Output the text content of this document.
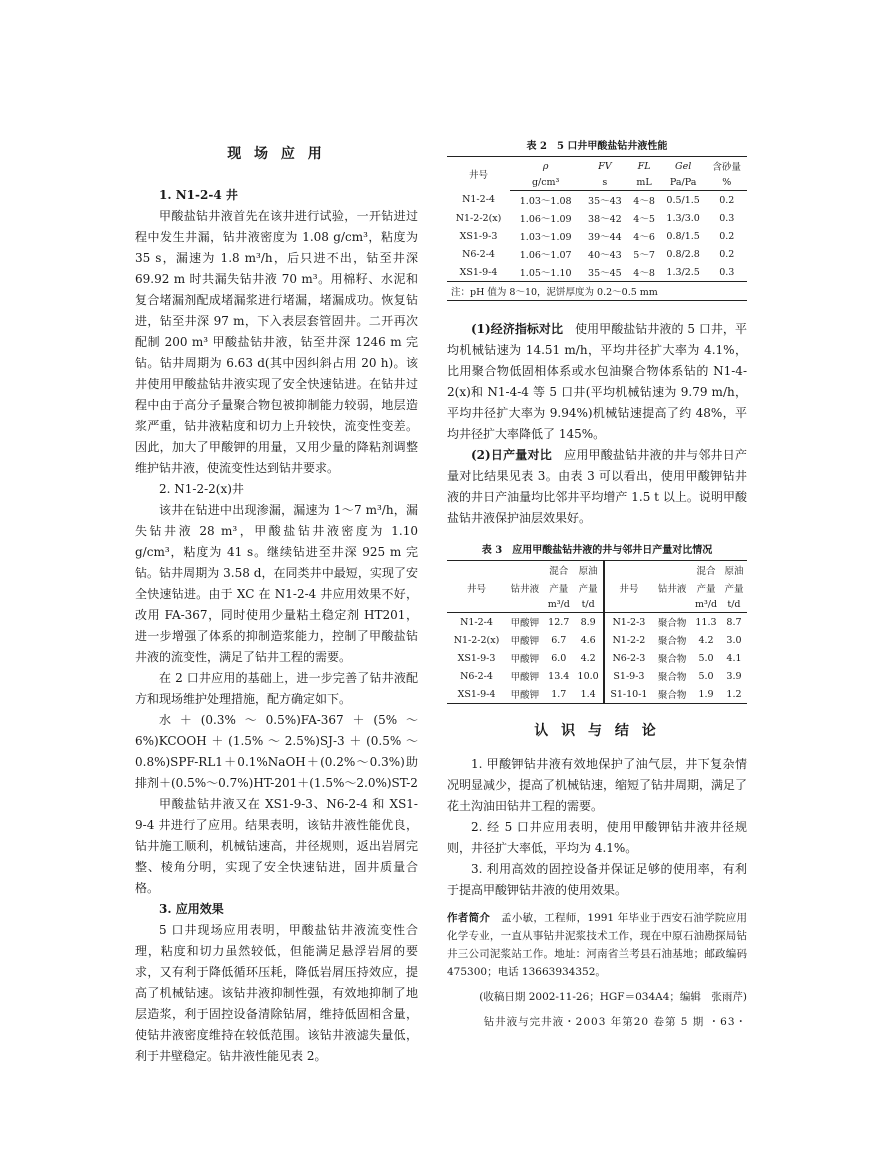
现 场 应 用

1. N1-2-4 井

甲酸盐钻井液首先在该井进行试验，一开钻进过程中发生井漏，钻井液密度为 1.08 g/cm³，粘度为 35 s，漏速为 1.8 m³/h，后只进不出，钻至井深 69.92 m 时共漏失钻井液 70 m³。用棉籽、水泥和复合堵漏剂配成堵漏浆进行堵漏，堵漏成功。恢复钻进，钻至井深 97 m，下入表层套管固井。二开再次配制 200 m³ 甲酸盐钻井液，钻至井深 1246 m 完钻。钻井周期为 6.63 d(其中因纠斜占用 20 h)。该井使用甲酸盐钻井液实现了安全快速钻进。在钻井过程中由于高分子量聚合物包被抑制能力较弱，地层造浆严重，钻井液粘度和切力上升较快，流变性变差。因此，加大了甲酸钾的用量，又用少量的降粘剂调整维护钻井液，使流变性达到钻井要求。

2. N1-2-2(x)井

该井在钻进中出现渗漏，漏速为 1～7 m³/h，漏失钻井液 28 m³，甲酸盐钻井液密度为 1.10 g/cm³，粘度为 41 s。继续钻进至井深 925 m 完钻。钻井周期为 3.58 d，在同类井中最短，实现了安全快速钻进。由于 XC 在 N1-2-4 井应用效果不好，改用 FA-367，同时使用少量粘土稳定剂 HT201，进一步增强了体系的抑制造浆能力，控制了甲酸盐钻井液的流变性，满足了钻井工程的需要。

在 2 口井应用的基础上，进一步完善了钻井液配方和现场维护处理措施，配方确定如下。

水＋(0.3%～0.5%)FA-367＋(5%～6%)KCOOH＋(1.5%～2.5%)SJ-3＋(0.5%～0.8%)SPF-RL1＋0.1%NaOH＋(0.2%～0.3%)助排剂＋(0.5%～0.7%)HT-201＋(1.5%～2.0%)ST-2

甲酸盐钻井液又在 XS1-9-3、N6-2-4 和 XS1-9-4 井进行了应用。结果表明，该钻井液性能优良，钻井施工顺利，机械钻速高，井径规则，返出岩屑完整、棱角分明，实现了安全快速钻进，固井质量合格。

3. 应用效果

5 口井现场应用表明，甲酸盐钻井液流变性合理，粘度和切力虽然较低，但能满足悬浮岩屑的要求，又有利于降低循环压耗，降低岩屑压持效应，提高了机械钻速。该钻井液抑制性强，有效地抑制了地层造浆，利于固控设备清除钻屑，维持低固相含量，使钻井液密度维持在较低范围。该钻井液滤失量低，利于井壁稳定。钻井液性能见表 2。

表 2　5 口井甲酸盐钻井液性能
井号	ρ	FV	FL	Gel	含砂量
	g/cm³	s	mL	Pa/Pa	%
N1-2-4	1.03～1.08	35～43	4～8	0.5/1.5	0.2
N1-2-2(x)	1.06～1.09	38～42	4～5	1.3/3.0	0.3
XS1-9-3	1.03～1.09	39～44	4～6	0.8/1.5	0.2
N6-2-4	1.06～1.07	40～43	5～7	0.8/2.8	0.2
XS1-9-4	1.05～1.10	35～45	4～8	1.3/2.5	0.3
注：pH 值为 8～10，泥饼厚度为 0.2～0.5 mm					

(1)经济指标对比　 使用甲酸盐钻井液的 5 口井，平均机械钻速为 14.51 m/h，平均井径扩大率为 4.1%，比用聚合物低固相体系或水包油聚合物体系钻的 N1-4-2(x)和 N1-4-4 等 5 口井(平均机械钻速为 9.79 m/h，平均井径扩大率为 9.94%)机械钻速提高了约 48%，平均井径扩大率降低了 145%。

(2)日产量对比　 应用甲酸盐钻井液的井与邻井日产量对比结果见表 3。由表 3 可以看出，使用甲酸钾钻井液的井日产油量均比邻井平均增产 1.5 t 以上。说明甲酸盐钻井液保护油层效果好。

表 3　应用甲酸盐钻井液的井与邻井日产量对比情况
		混合	原油			混合	原油
井号	钻井液	产量	产量	井号	钻井液	产量	产量
		m³/d	t/d			m³/d	t/d
N1-2-4	甲酸钾	12.7	8.9	N1-2-3	聚合物	11.3	8.7
N1-2-2(x)	甲酸钾	6.7	4.6	N1-2-2	聚合物	4.2	3.0
XS1-9-3	甲酸钾	6.0	4.2	N6-2-3	聚合物	5.0	4.1
N6-2-4	甲酸钾	13.4	10.0	S1-9-3	聚合物	5.0	3.9
XS1-9-4	甲酸钾	1.7	1.4	S1-10-1	聚合物	1.9	1.2
认 识 与 结 论

1. 甲酸钾钻井液有效地保护了油气层，井下复杂情况明显减少，提高了机械钻速，缩短了钻井周期，满足了花土沟油田钻井工程的需要。

2. 经 5 口井应用表明，使用甲酸钾钻井液井径规则，井径扩大率低，平均为 4.1%。

3. 利用高效的固控设备并保证足够的使用率，有利于提高甲酸钾钻井液的使用效果。

作者简介　 孟小敏，工程师，1991 年毕业于西安石油学院应用化学专业，一直从事钻井泥浆技术工作，现在中原石油勘探局钻井三公司泥浆站工作。地址：河南省兰考县石油基地；邮政编码 475300；电话 13663934352。

(收稿日期 2002-11-26；HGF＝034A4；编辑　张雨芹)

钻井液与完井液・2003 年第20 卷第 5 期 ・63・
